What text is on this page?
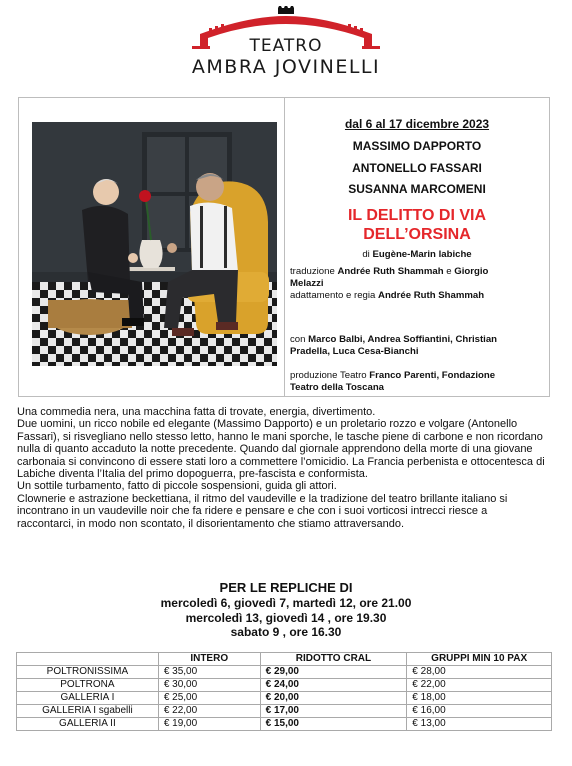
TEATRO
AMBRA JOVINELLI
dal 6 al 17 dicembre 2023
MASSIMO DAPPORTO
ANTONELLO FASSARI
SUSANNA MARCOMENI
IL DELITTO DI VIA
DELL’ORSINA
di Eugène-Marin labiche
traduzione Andrée Ruth Shammah e Giorgio
Melazzi
adattamento e regia Andrée Ruth Shammah
con Marco Balbi, Andrea Soffiantini, Christian
Pradella, Luca Cesa-Bianchi
produzione Teatro Franco Parenti, Fondazione
Teatro della Toscana

Una commedia nera, una macchina fatta di trovate, energia, divertimento.

Due uomini, un ricco nobile ed elegante (Massimo Dapporto) e un proletario rozzo e volgare (Antonello Fassari), si risvegliano nello stesso letto, hanno le mani sporche, le tasche piene di carbone e non ricordano nulla di quanto accaduto la notte precedente. Quando dal giornale apprendono della morte di una giovane carbonaia si convincono di essere stati loro a commettere l’omicidio. La Francia perbenista e ottocentesca di Labiche diventa l’Italia del primo dopoguerra, pre-fascista e conformista.

Un sottile turbamento, fatto di piccole sospensioni, guida gli attori.

Clownerie e astrazione beckettiana, il ritmo del vaudeville e la tradizione del teatro brillante italiano si incontrano in un vaudeville noir che fa ridere e pensare e che con i suoi vorticosi intrecci riesce a raccontarci, in modo non scontato, il disorientamento che stiamo attraversando.

PER LE REPLICHE DI
mercoledì 6, giovedì 7, martedì 12, ore 21.00
mercoledì 13, giovedì 14 , ore 19.30
sabato 9 , ore 16.30
	INTERO	RIDOTTO CRAL	GRUPPI MIN 10 PAX
POLTRONISSIMA	€ 35,00	€ 29,00	€ 28,00
POLTRONA	€ 30,00	€ 24,00	€ 22,00
GALLERIA I	€ 25,00	€ 20,00	€ 18,00
GALLERIA I sgabelli	€ 22,00	€ 17,00	€ 16,00
GALLERIA II	€ 19,00	€ 15,00	€ 13,00
